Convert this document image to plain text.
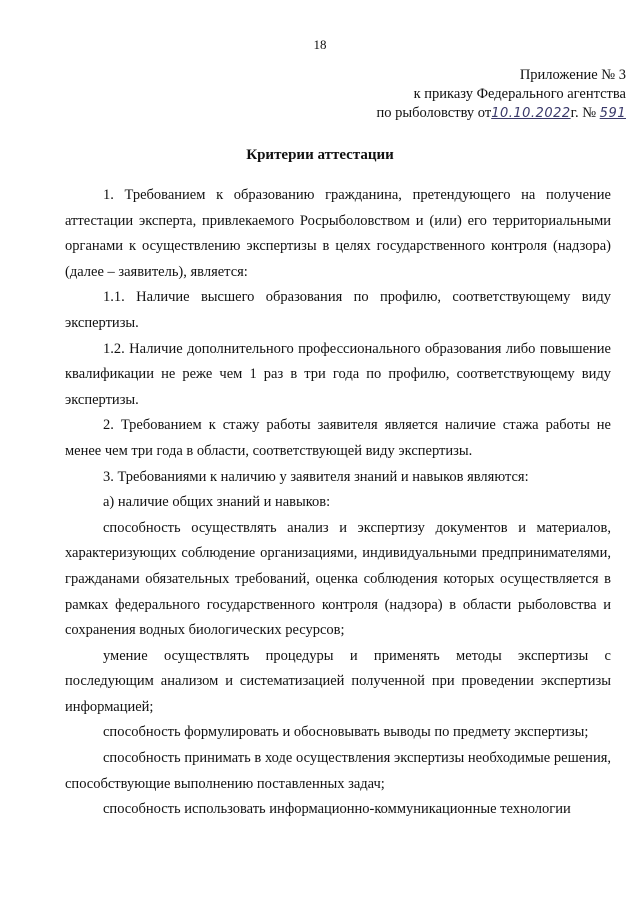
18
Приложение № 3
к приказу Федерального агентства
по рыболовству от10.10.2022г. № 591
Критерии аттестации

1. Требованием к образованию гражданина, претендующего на получение аттестации эксперта, привлекаемого Росрыболовством и (или) его территориальными органами к осуществлению экспертизы в целях государственного контроля (надзора) (далее – заявитель), является:

1.1. Наличие высшего образования по профилю, соответствующему виду экспертизы.

1.2. Наличие дополнительного профессионального образования либо повышение квалификации не реже чем 1 раз в три года по профилю, соответствующему виду экспертизы.

2. Требованием к стажу работы заявителя является наличие стажа работы не менее чем три года в области, соответствующей виду экспертизы.

3. Требованиями к наличию у заявителя знаний и навыков являются:

а) наличие общих знаний и навыков:

способность осуществлять анализ и экспертизу документов и материалов, характеризующих соблюдение организациями, индивидуальными предпринимателями, гражданами обязательных требований, оценка соблюдения которых осуществляется в рамках федерального государственного контроля (надзора) в области рыболовства и сохранения водных биологических ресурсов;

умение осуществлять процедуры и применять методы экспертизы с последующим анализом и систематизацией полученной при проведении экспертизы информацией;

способность формулировать и обосновывать выводы по предмету экспертизы;

способность принимать в ходе осуществления экспертизы необходимые решения, способствующие выполнению поставленных задач;

способность использовать информационно-коммуникационные технологии
